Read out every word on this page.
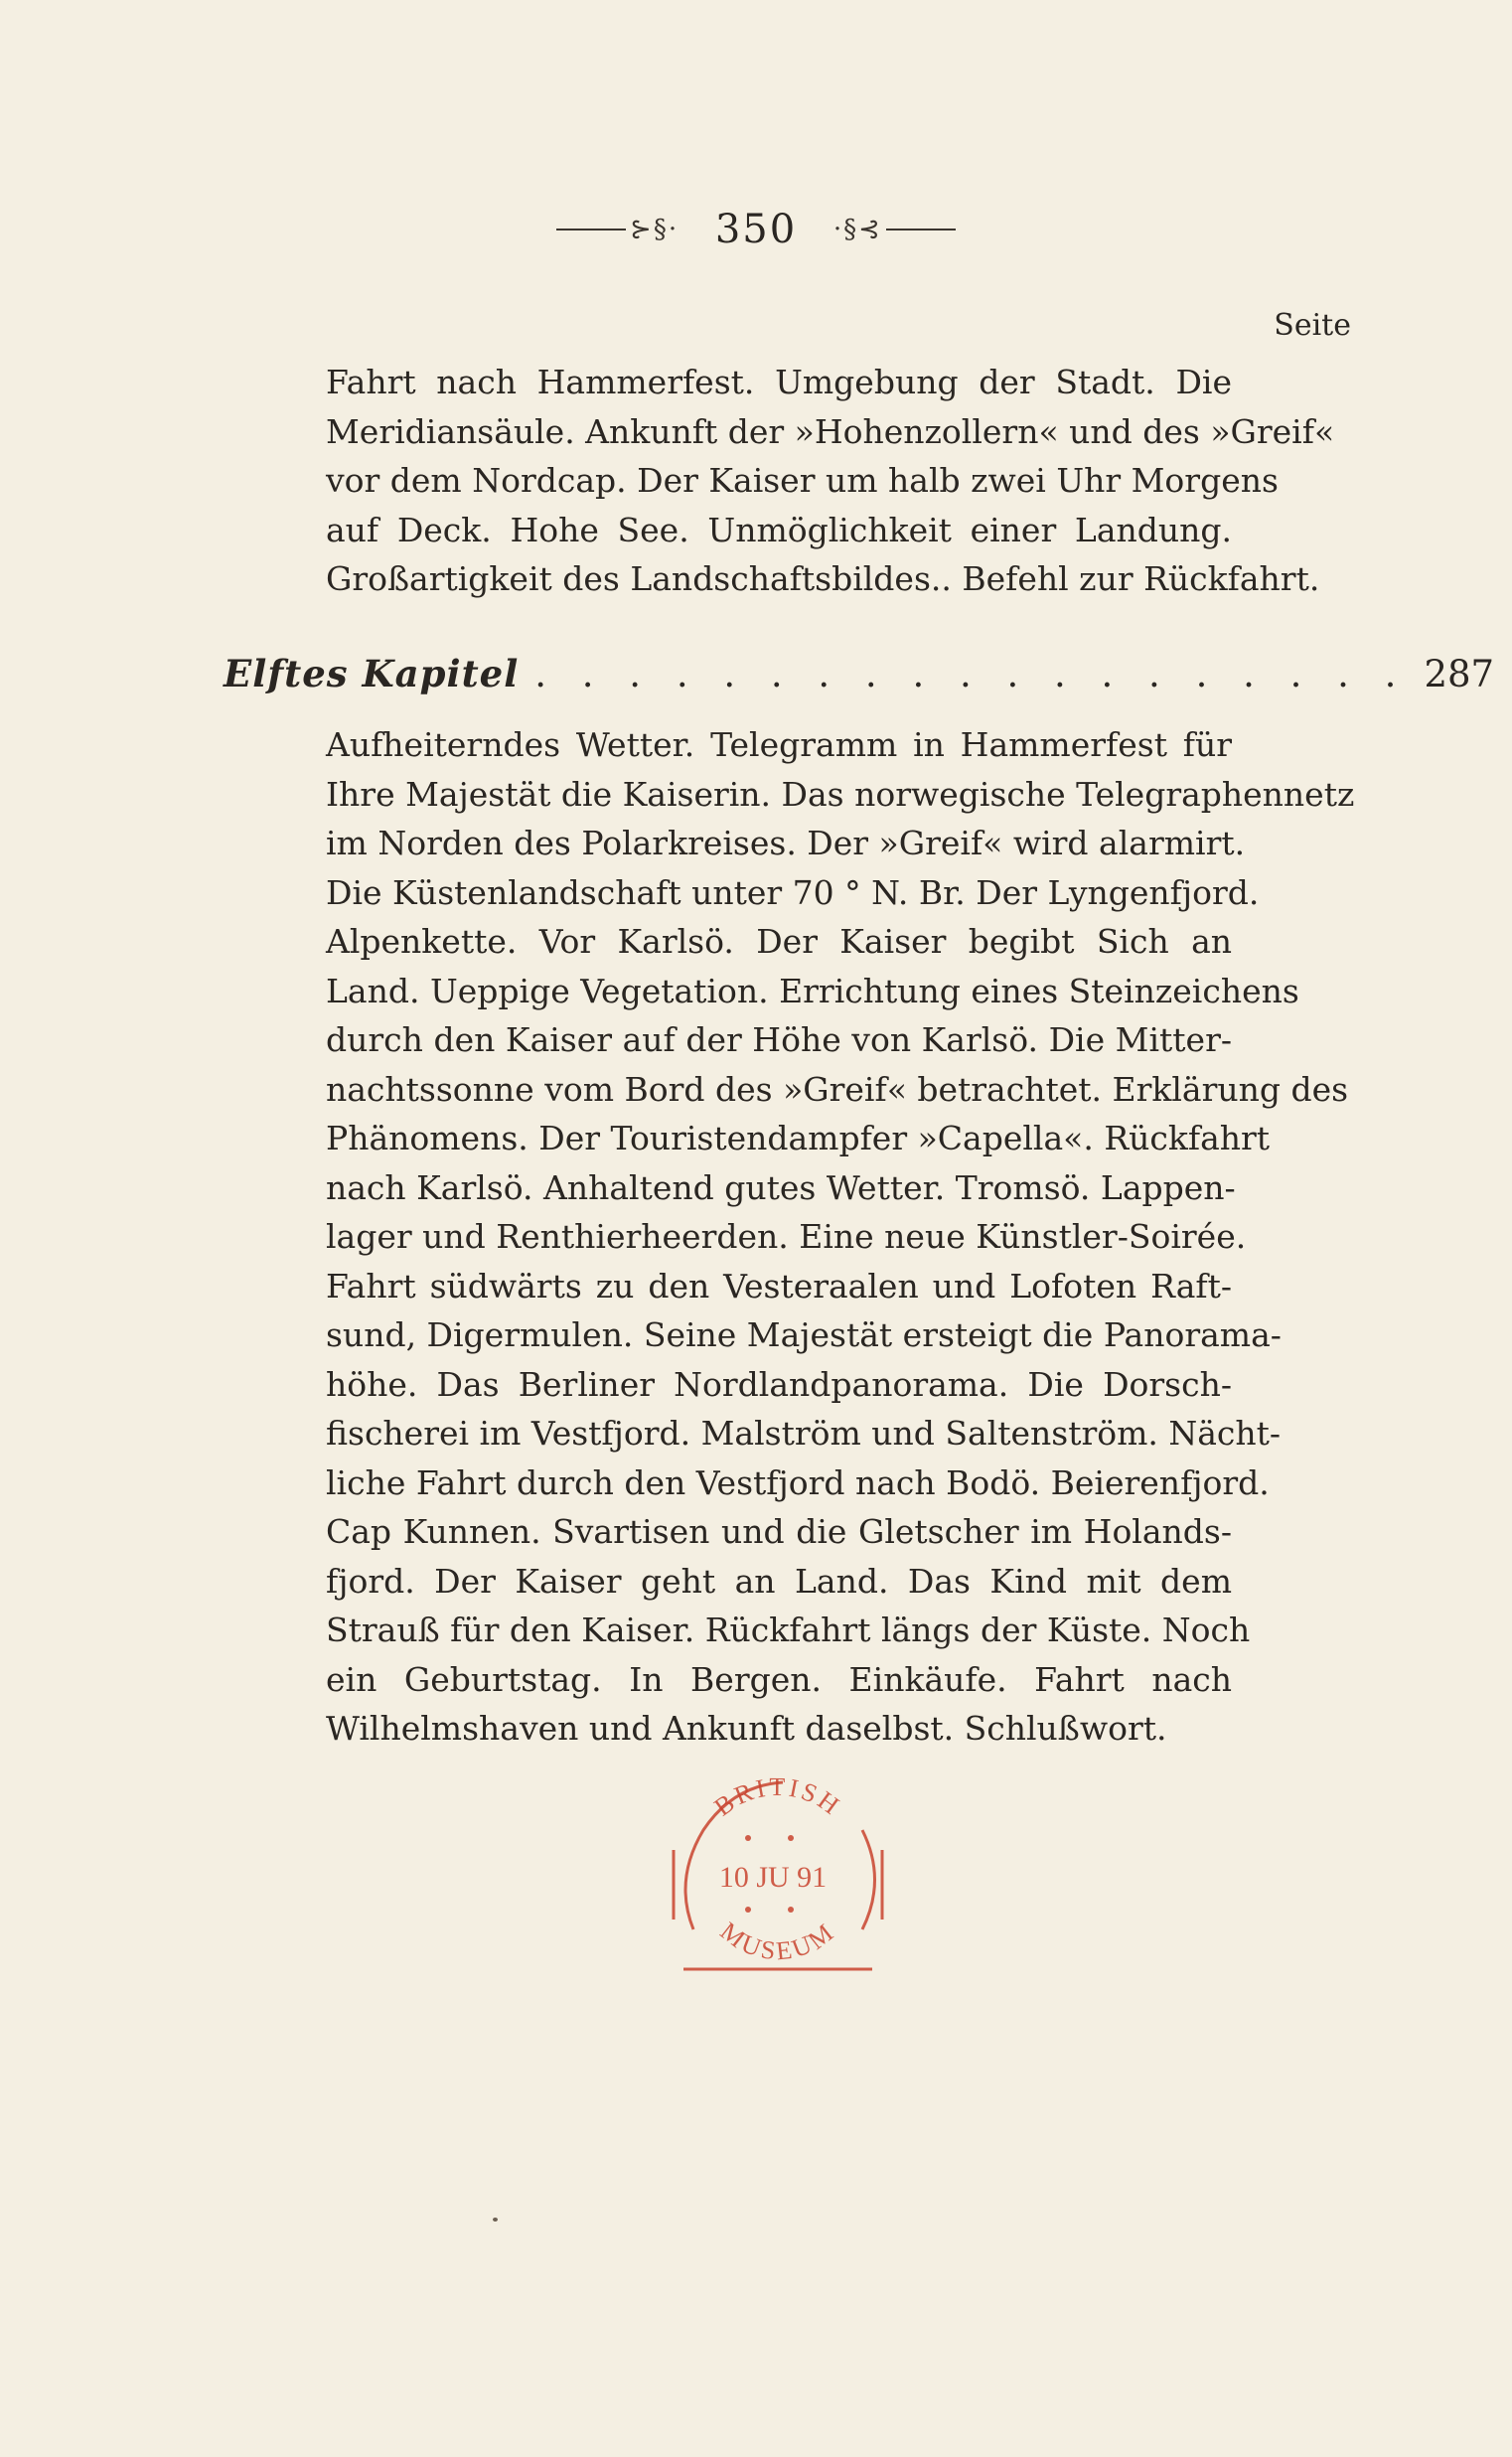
⊱§· 350 ·§⊰
Seite
Fahrt nach Hammerfest. Umgebung der Stadt. Die
Meridiansäule. Ankunft der »Hohenzollern« und des »Greif«
vor dem Nordcap. Der Kaiser um halb zwei Uhr Morgens
auf Deck. Hohe See. Unmöglichkeit einer Landung.
Großartigkeit des Landschaftsbildes.. Befehl zur Rückfahrt.
Elftes Kapitel . . . . . . . . . . . . . . . . . . . 287
Aufheiterndes Wetter. Telegramm in Hammerfest für
Ihre Majestät die Kaiserin. Das norwegische Telegraphennetz
im Norden des Polarkreises. Der »Greif« wird alarmirt.
Die Küstenlandschaft unter 70 ° N. Br. Der Lyngenfjord.
Alpenkette. Vor Karlsö. Der Kaiser begibt Sich an
Land. Ueppige Vegetation. Errichtung eines Steinzeichens
durch den Kaiser auf der Höhe von Karlsö. Die Mitter-
nachtssonne vom Bord des »Greif« betrachtet. Erklärung des
Phänomens. Der Touristendampfer »Capella«. Rückfahrt
nach Karlsö. Anhaltend gutes Wetter. Tromsö. Lappen-
lager und Renthierheerden. Eine neue Künstler-Soirée.
Fahrt südwärts zu den Vesteraalen und Lofoten Raft-
sund, Digermulen. Seine Majestät ersteigt die Panorama-
höhe. Das Berliner Nordlandpanorama. Die Dorsch-
fischerei im Vestfjord. Malström und Saltenström. Nächt-
liche Fahrt durch den Vestfjord nach Bodö. Beierenfjord.
Cap Kunnen. Svartisen und die Gletscher im Holands-
fjord. Der Kaiser geht an Land. Das Kind mit dem
Strauß für den Kaiser. Rückfahrt längs der Küste. Noch
ein Geburtstag. In Bergen. Einkäufe. Fahrt nach
Wilhelmshaven und Ankunft daselbst. Schlußwort.
BRITISH
MUSEUM
10 JU 91
